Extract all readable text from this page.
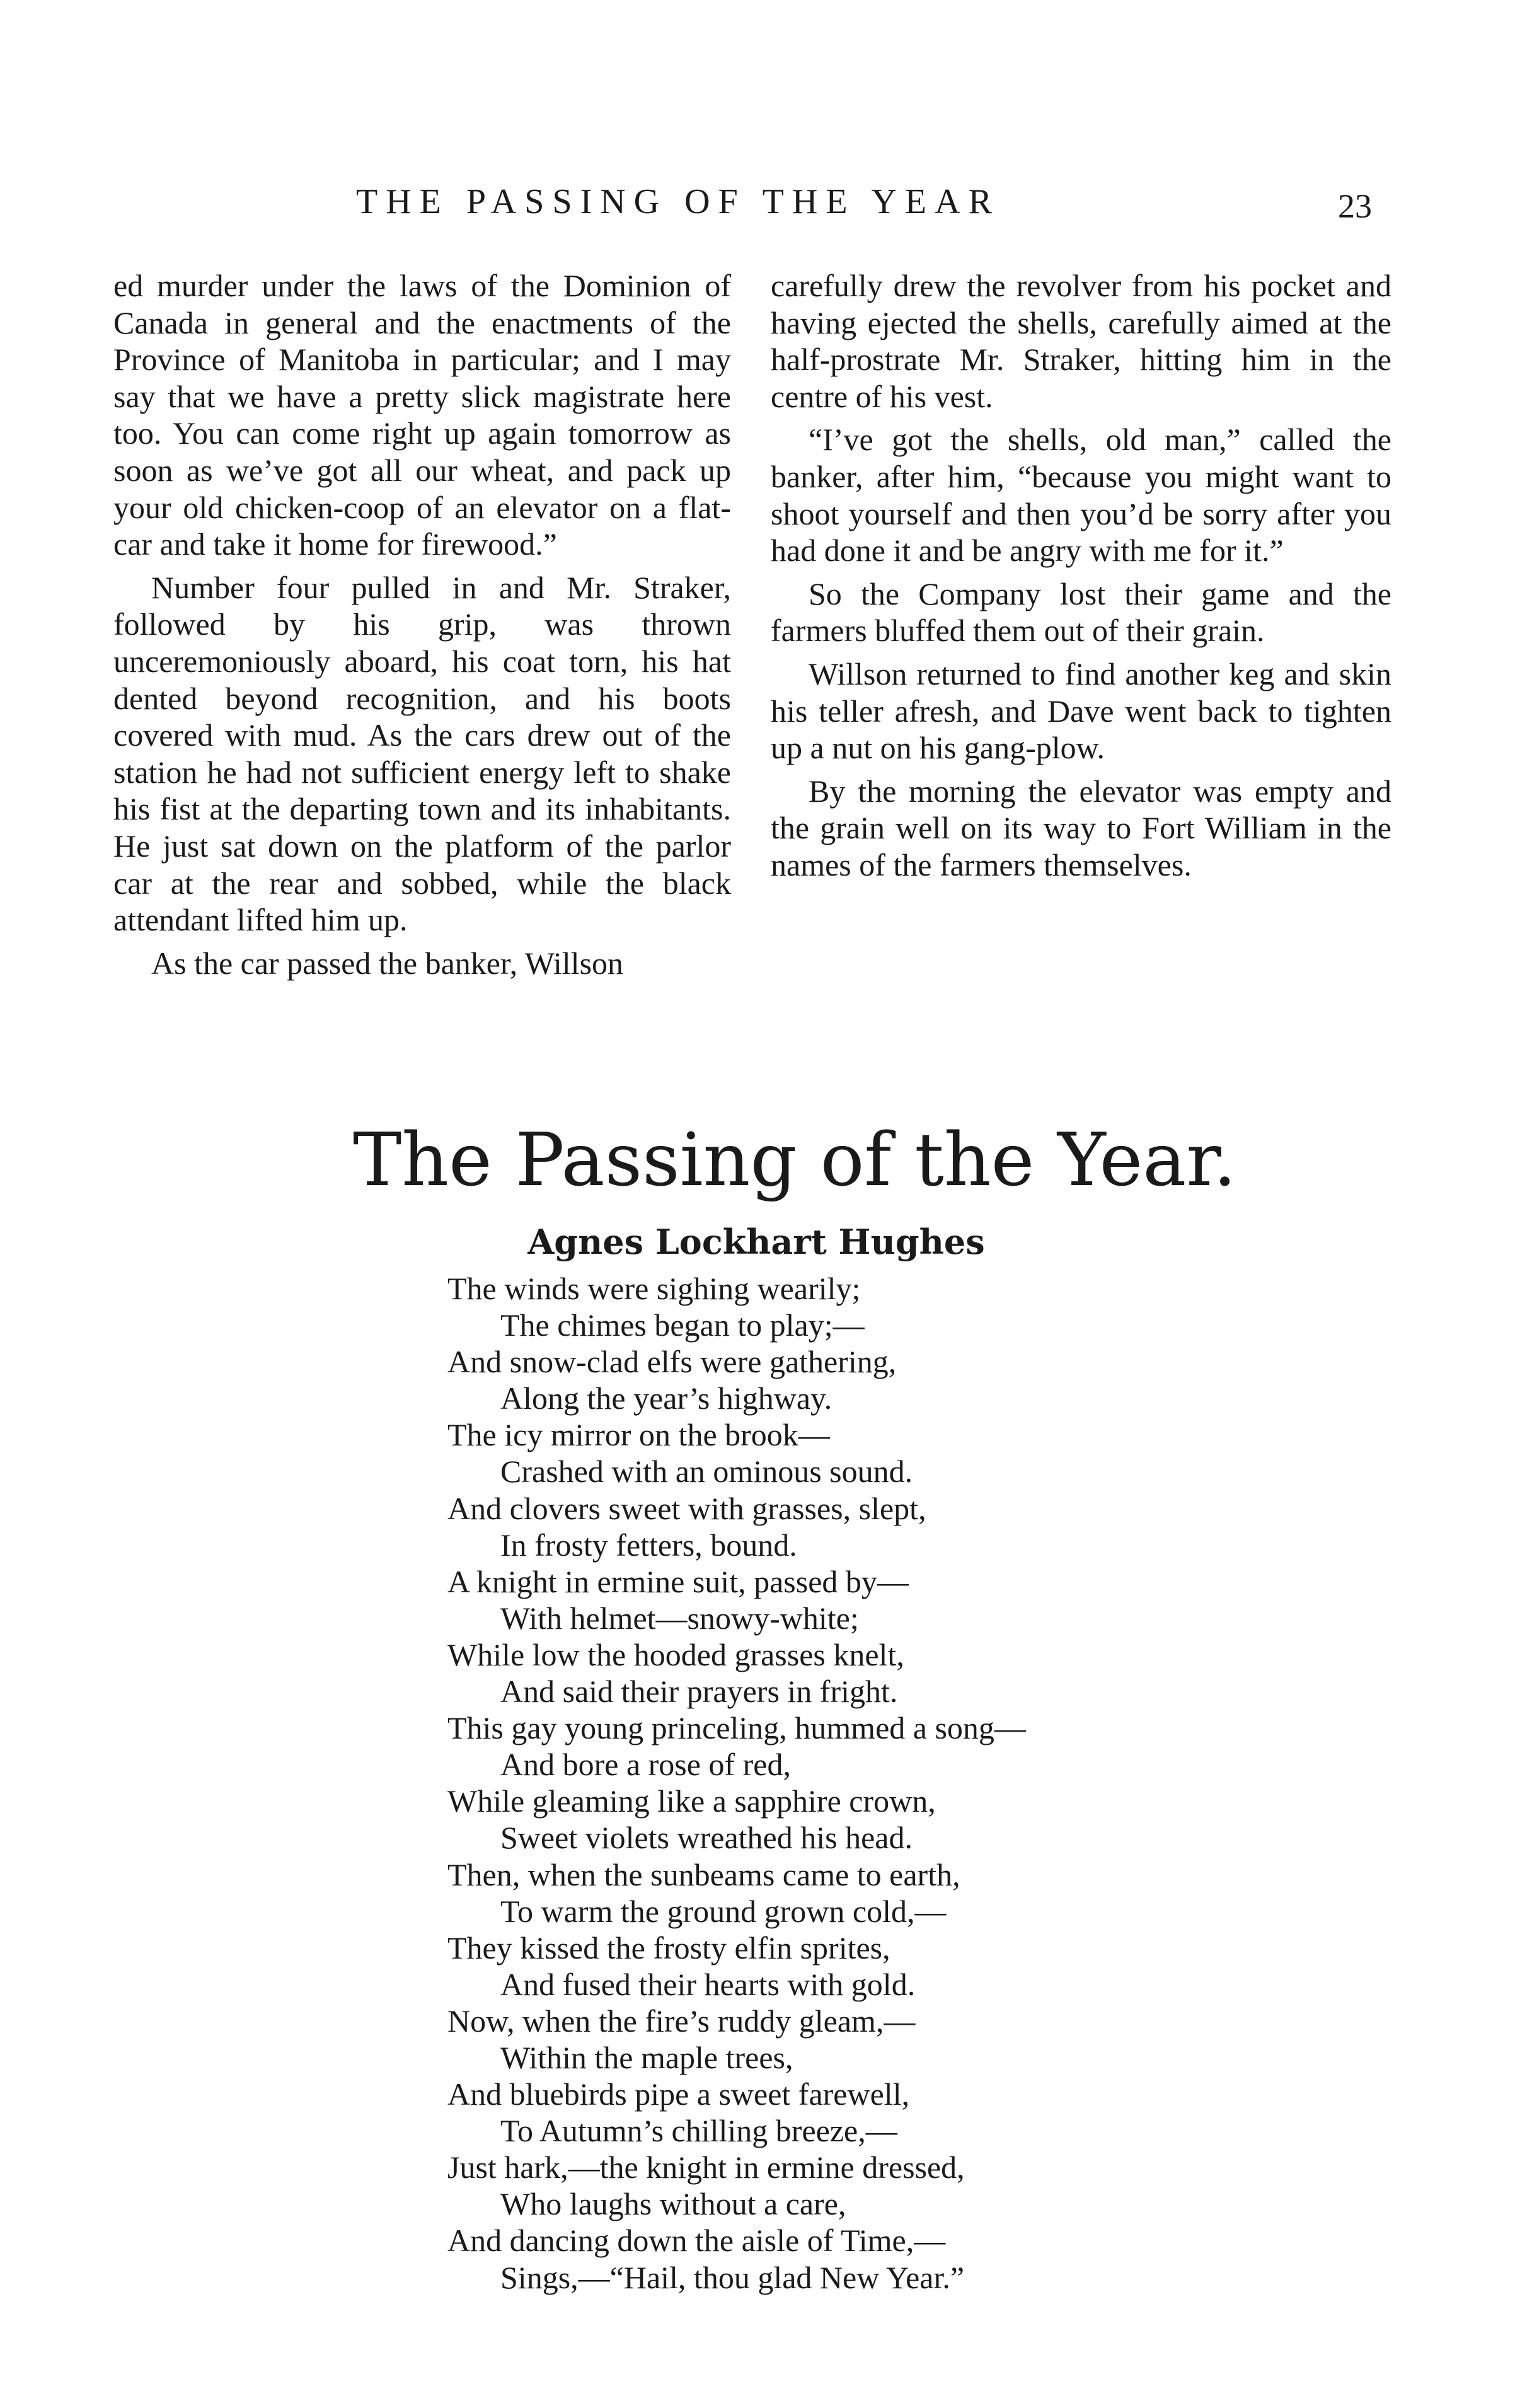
THE PASSING OF THE YEAR	23

ed murder under the laws of the Dominion of Canada in general and the enactments of the Province of Manitoba in particular; and I may say that we have a pretty slick magistrate here too. You can come right up again tomorrow as soon as we’ve got all our wheat, and pack up your old chicken-coop of an elevator on a flat-car and take it home for firewood.”

Number four pulled in and Mr. Straker, followed by his grip, was thrown unceremoniously aboard, his coat torn, his hat dented beyond recognition, and his boots covered with mud. As the cars drew out of the station he had not sufficient energy left to shake his fist at the departing town and its inhabitants. He just sat down on the platform of the parlor car at the rear and sobbed, while the black attendant lifted him up.

As the car passed the banker, Willson

carefully drew the revolver from his pocket and having ejected the shells, carefully aimed at the half-prostrate Mr. Straker, hitting him in the centre of his vest.

“I’ve got the shells, old man,” called the banker, after him, “because you might want to shoot yourself and then you’d be sorry after you had done it and be angry with me for it.”

So the Company lost their game and the farmers bluffed them out of their grain.

Willson returned to find another keg and skin his teller afresh, and Dave went back to tighten up a nut on his gang-plow.

By the morning the elevator was empty and the grain well on its way to Fort William in the names of the farmers themselves.

The Passing of the Year.
Agnes Lockhart Hughes
The winds were sighing wearily;
The chimes began to play;—
And snow-clad elfs were gathering,
Along the year’s highway.
The icy mirror on the brook—
Crashed with an ominous sound.
And clovers sweet with grasses, slept,
In frosty fetters, bound.
A knight in ermine suit, passed by—
With helmet—snowy-white;
While low the hooded grasses knelt,
And said their prayers in fright.
This gay young princeling, hummed a song—
And bore a rose of red,
While gleaming like a sapphire crown,
Sweet violets wreathed his head.
Then, when the sunbeams came to earth,
To warm the ground grown cold,—
They kissed the frosty elfin sprites,
And fused their hearts with gold.
Now, when the fire’s ruddy gleam,—
Within the maple trees,
And bluebirds pipe a sweet farewell,
To Autumn’s chilling breeze,—
Just hark,—the knight in ermine dressed,
Who laughs without a care,
And dancing down the aisle of Time,—
Sings,—“Hail, thou glad New Year.”
